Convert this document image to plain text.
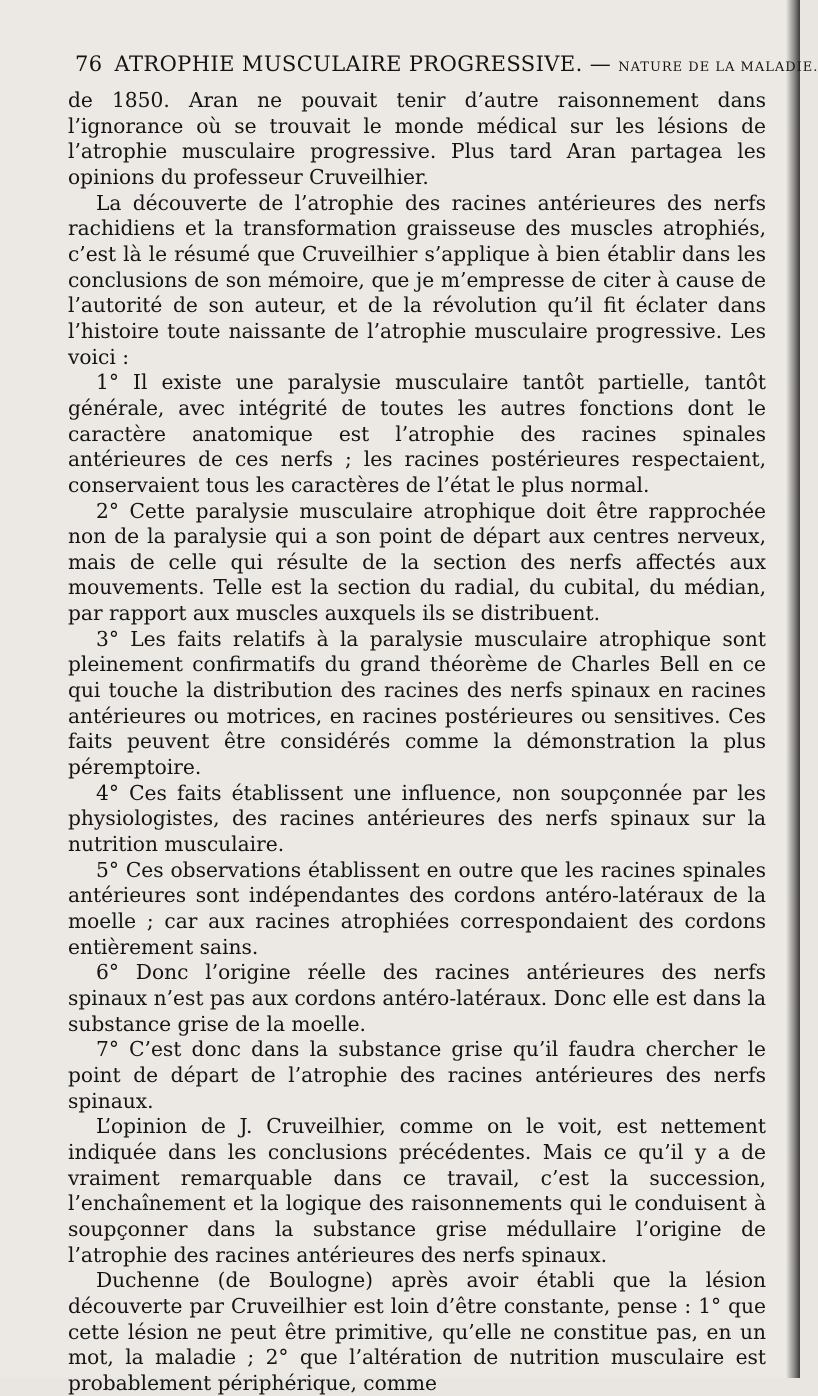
76 ATROPHIE MUSCULAIRE PROGRESSIVE. — NATURE DE LA MALADIE.

de 1850. Aran ne pouvait tenir d’autre raisonnement dans l’ignorance où se trouvait le monde médical sur les lésions de l’atrophie musculaire progressive. Plus tard Aran partagea les opinions du professeur Cruveilhier.

La découverte de l’atrophie des racines antérieures des nerfs rachidiens et la transformation graisseuse des muscles atrophiés, c’est là le résumé que Cruveilhier s’applique à bien établir dans les conclusions de son mémoire, que je m’empresse de citer à cause de l’autorité de son auteur, et de la révolution qu’il fit éclater dans l’histoire toute naissante de l’atrophie musculaire progressive. Les voici :

1° Il existe une paralysie musculaire tantôt partielle, tantôt générale, avec intégrité de toutes les autres fonctions dont le caractère anatomique est l’atrophie des racines spinales antérieures de ces nerfs ; les racines postérieures respectaient, conservaient tous les caractères de l’état le plus normal.

2° Cette paralysie musculaire atrophique doit être rapprochée non de la paralysie qui a son point de départ aux centres nerveux, mais de celle qui résulte de la section des nerfs affectés aux mouvements. Telle est la section du radial, du cubital, du médian, par rapport aux muscles auxquels ils se distribuent.

3° Les faits relatifs à la paralysie musculaire atrophique sont pleinement confirmatifs du grand théorème de Charles Bell en ce qui touche la distribution des racines des nerfs spinaux en racines antérieures ou motrices, en racines postérieures ou sensitives. Ces faits peuvent être considérés comme la démonstration la plus péremptoire.

4° Ces faits établissent une influence, non soupçonnée par les physiologistes, des racines antérieures des nerfs spinaux sur la nutrition musculaire.

5° Ces observations établissent en outre que les racines spinales antérieures sont indépendantes des cordons antéro-latéraux de la moelle ; car aux racines atrophiées correspondaient des cordons entièrement sains.

6° Donc l’origine réelle des racines antérieures des nerfs spinaux n’est pas aux cordons antéro-latéraux. Donc elle est dans la substance grise de la moelle.

7° C’est donc dans la substance grise qu’il faudra chercher le point de départ de l’atrophie des racines antérieures des nerfs spinaux.

L’opinion de J. Cruveilhier, comme on le voit, est nettement indiquée dans les conclusions précédentes. Mais ce qu’il y a de vraiment remarquable dans ce travail, c’est la succession, l’enchaînement et la logique des raisonnements qui le conduisent à soupçonner dans la substance grise médullaire l’origine de l’atrophie des racines antérieures des nerfs spinaux.

Duchenne (de Boulogne) après avoir établi que la lésion découverte par Cruveilhier est loin d’être constante, pense : 1° que cette lésion ne peut être primitive, qu’elle ne constitue pas, en un mot, la maladie ; 2° que l’altération de nutrition musculaire est probablement périphérique, comme
